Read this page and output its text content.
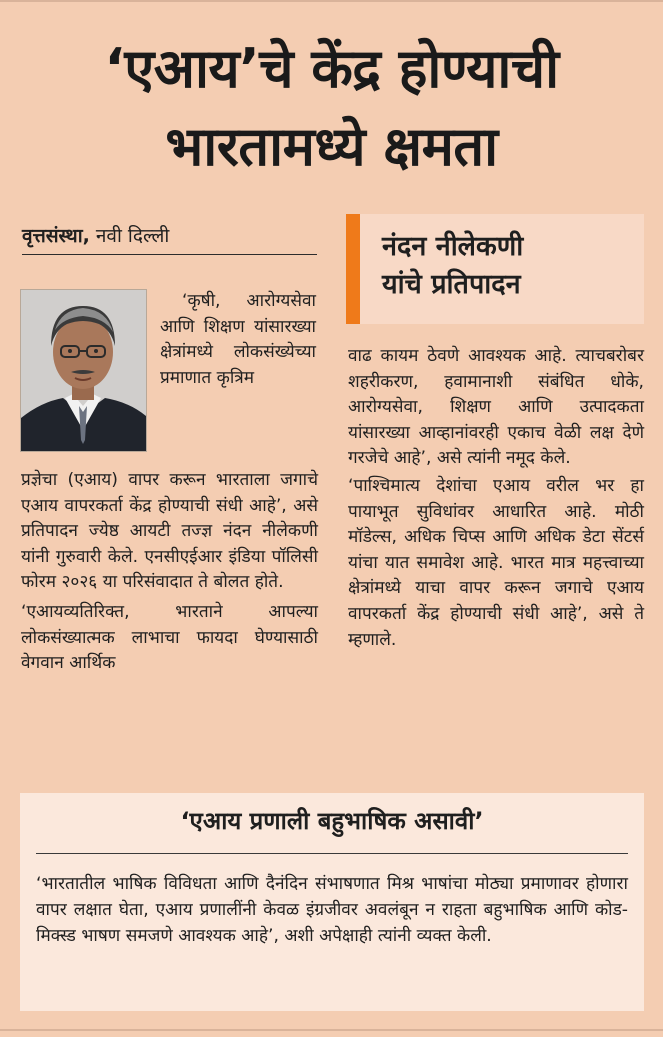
‘एआय’चे केंद्र होण्याची
भारतामध्ये क्षमता
वृत्तसंस्था, नवी दिल्ली

‘कृषी, आरोग्यसेवा आणि शिक्षण यांसारख्या क्षेत्रांमध्ये लोकसंख्येच्या प्रमाणात कृत्रिम

प्रज्ञेचा (एआय) वापर करून भारताला जगाचे एआय वापरकर्ता केंद्र होण्याची संधी आहे’, असे प्रतिपादन ज्येष्ठ आयटी तज्ज्ञ नंदन नीलेकणी यांनी गुरुवारी केले. एनसीएईआर इंडिया पॉलिसी फोरम २०२६ या परिसंवादात ते बोलत होते.

‘एआयव्यतिरिक्त, भारताने आपल्या लोकसंख्यात्मक लाभाचा फायदा घेण्यासाठी वेगवान आर्थिक

नंदन नीलेकणी
यांचे प्रतिपादन

वाढ कायम ठेवणे आवश्यक आहे. त्याचबरोबर शहरीकरण, हवामानाशी संबंधित धोके, आरोग्यसेवा, शिक्षण आणि उत्पादकता यांसारख्या आव्हानांवरही एकाच वेळी लक्ष देणे गरजेचे आहे’, असे त्यांनी नमूद केले.

‘पाश्चिमात्य देशांचा एआय वरील भर हा पायाभूत सुविधांवर आधारित आहे. मोठी मॉडेल्स, अधिक चिप्स आणि अधिक डेटा सेंटर्स यांचा यात समावेश आहे. भारत मात्र महत्त्वाच्या क्षेत्रांमध्ये याचा वापर करून जगाचे एआय वापरकर्ता केंद्र होण्याची संधी आहे’, असे ते म्हणाले.

‘एआय प्रणाली बहुभाषिक असावी’

‘भारतातील भाषिक विविधता आणि दैनंदिन संभाषणात मिश्र भाषांचा मोठ्या प्रमाणावर होणारा वापर लक्षात घेता, एआय प्रणालींनी केवळ इंग्रजीवर अवलंबून न राहता बहुभाषिक आणि कोड-मिक्स्ड भाषण समजणे आवश्यक आहे’, अशी अपेक्षाही त्यांनी व्यक्त केली.
